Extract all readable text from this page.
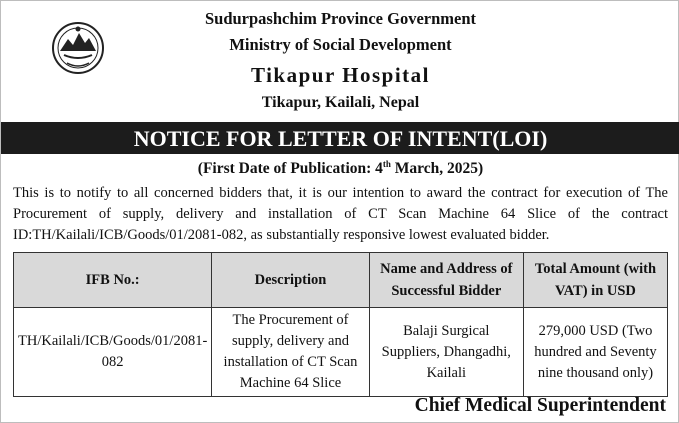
Sudurpashchim Province Government
Ministry of Social Development
Tikapur Hospital
Tikapur, Kailali, Nepal
NOTICE FOR LETTER OF INTENT(LOI)
(First Date of Publication: 4th March, 2025)
This is to notify to all concerned bidders that, it is our intention to award the contract for execution of The Procurement of supply, delivery and installation of CT Scan Machine 64 Slice of the contract ID:TH/Kailali/ICB/Goods/01/2081-082, as substantially responsive lowest evaluated bidder.
IFB No.:	Description	Name and Address of Successful Bidder	Total Amount (with VAT) in USD
TH/Kailali/ICB/Goods/01/2081-082	The Procurement of supply, delivery and installation of CT Scan Machine 64 Slice	Balaji Surgical Suppliers, Dhangadhi, Kailali	279,000 USD (Two hundred and Seventy nine thousand only)
Chief Medical Superintendent
